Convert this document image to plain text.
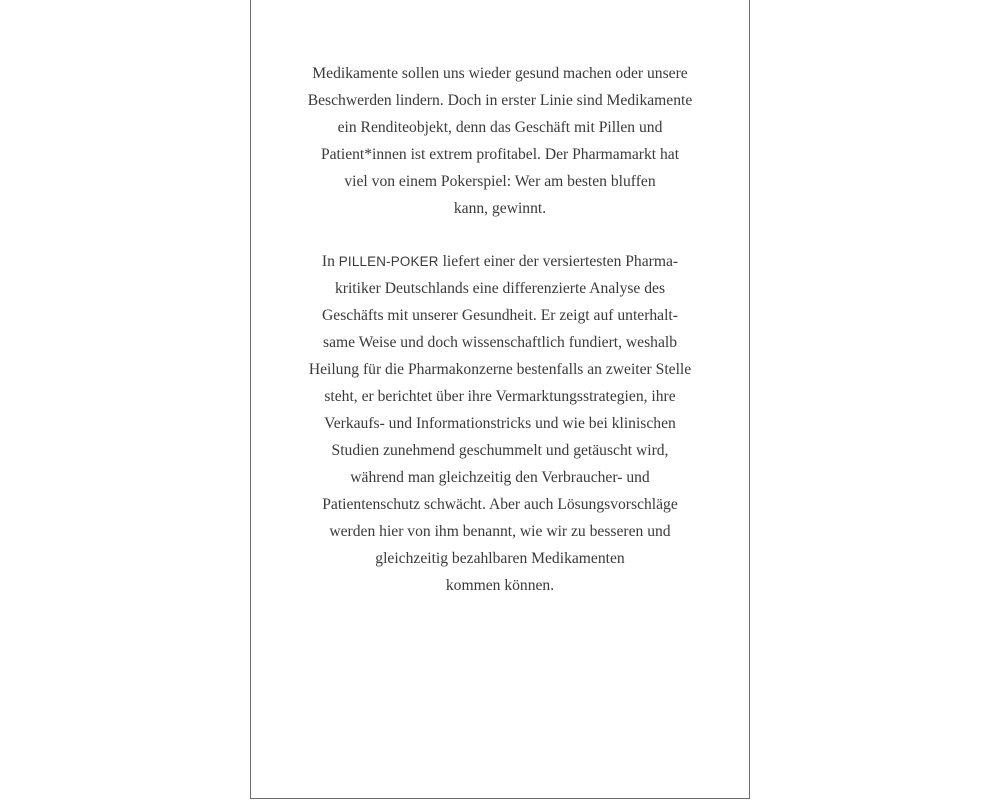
Medikamente sollen uns wieder gesund machen oder unsere
Beschwerden lindern. Doch in erster Linie sind Medikamente
ein Renditeobjekt, denn das Geschäft mit Pillen und
Patient*innen ist extrem profitabel. Der Pharmamarkt hat
viel von einem Pokerspiel: Wer am besten bluffen
kann, gewinnt.
In PILLEN-POKER liefert einer der versiertesten Pharma-
kritiker Deutschlands eine differenzierte Analyse des
Geschäfts mit unserer Gesundheit. Er zeigt auf unterhalt-
same Weise und doch wissenschaftlich fundiert, weshalb
Heilung für die Pharmakonzerne bestenfalls an zweiter Stelle
steht, er berichtet über ihre Vermarktungsstrategien, ihre
Verkaufs- und Informationstricks und wie bei klinischen
Studien zunehmend geschummelt und getäuscht wird,
während man gleichzeitig den Verbraucher- und
Patientenschutz schwächt. Aber auch Lösungsvorschläge
werden hier von ihm benannt, wie wir zu besseren und
gleichzeitig bezahlbaren Medikamenten
kommen können.
